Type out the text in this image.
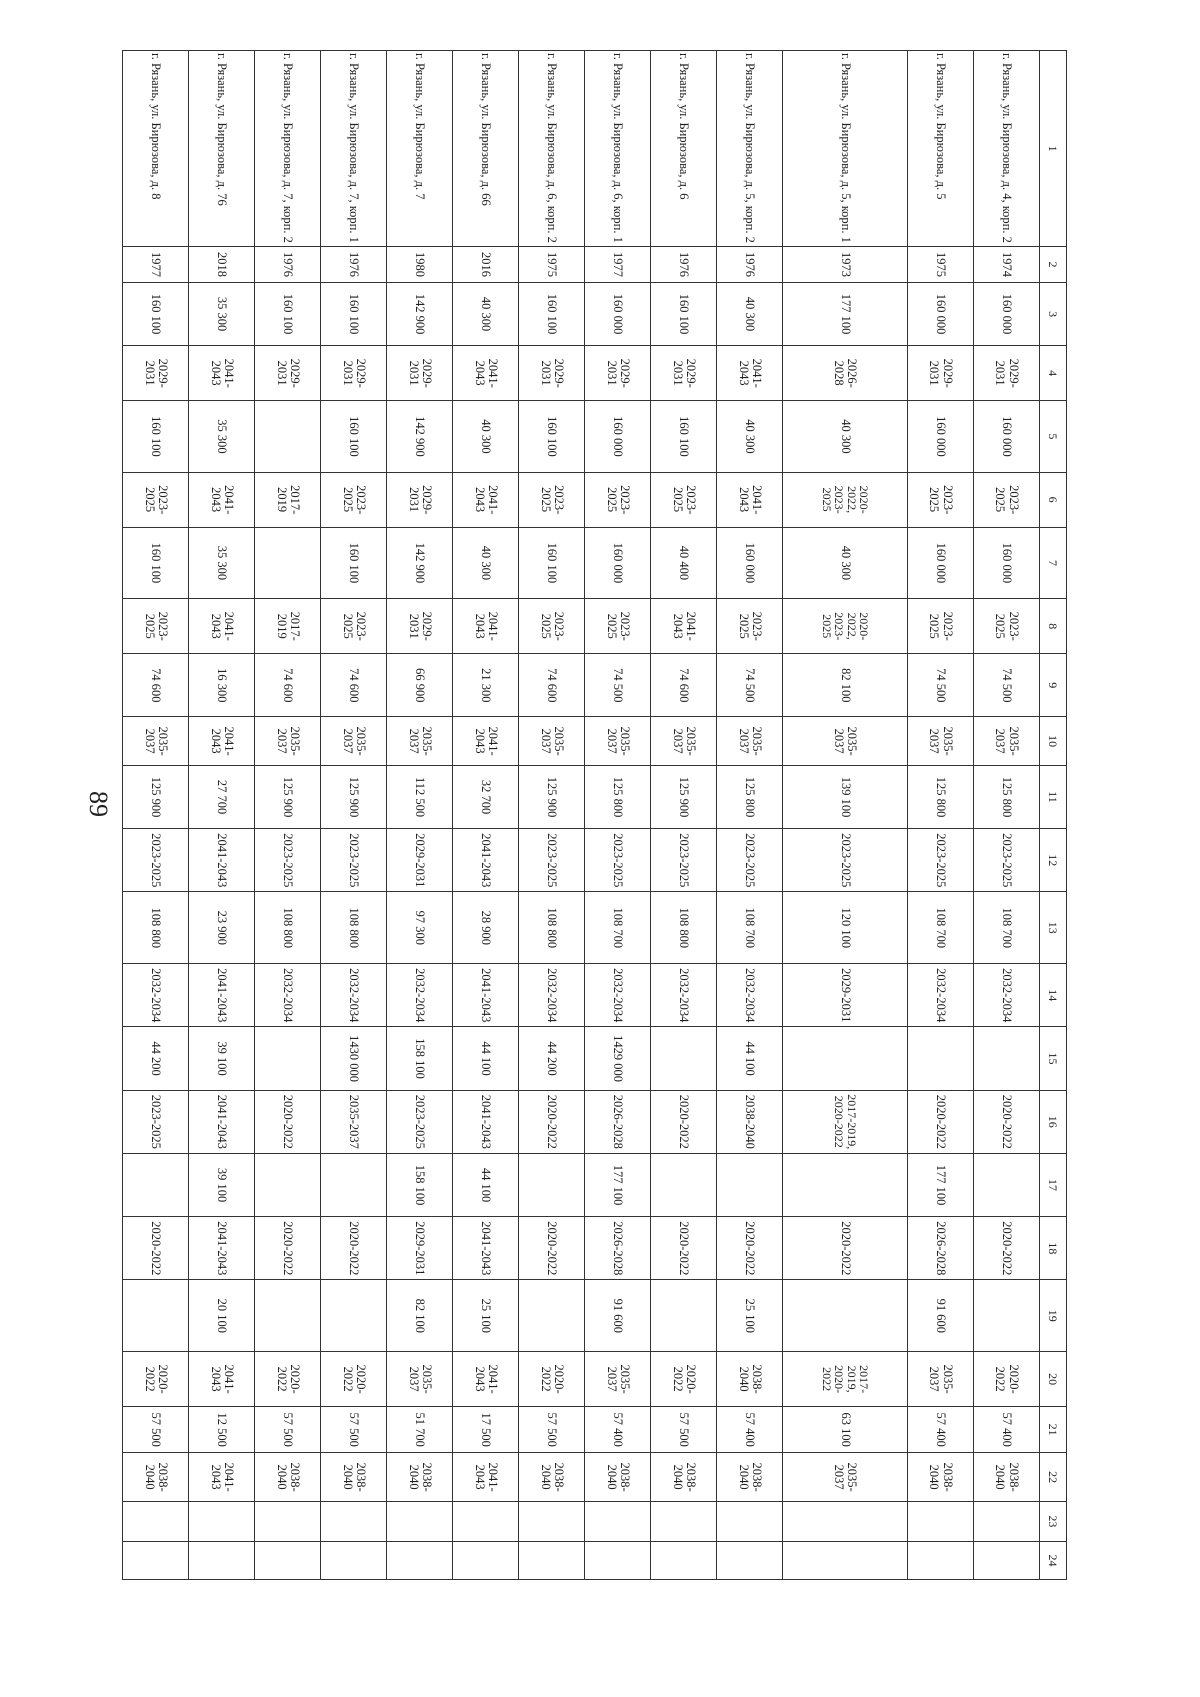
89
1	2	3	4	5	6	7	8	9	10	11	12	13	14	15	16	17	18	19	20	21	22	23	24
г. Рязань, ул. Бирюзова, д. 4, корп. 2	1974	160 000	2029-2031	160 000	2023-2025	160 000	2023-2025	74 500	2035-2037	125 800	2023-2025	108 700	2032-2034		2020-2022		2020-2022		2020-2022	57 400	2038-2040		
г. Рязань, ул. Бирюзова, д. 5	1975	160 000	2029-2031	160 000	2023-2025	160 000	2023-2025	74 500	2035-2037	125 800	2023-2025	108 700	2032-2034		2020-2022	177 100	2026-2028	91 600	2035-2037	57 400	2038-2040		
г. Рязань, ул. Бирюзова, д. 5, корп. 1	1973	177 100	2026-2028	40 300	2020-2022, 2023-2025	40 300	2020-2022, 2023-2025	82 100	2035-2037	139 100	2023-2025	120 100	2029-2031		2017-2019, 2020-2022		2020-2022		2017-2019, 2020-2022	63 100	2035-2037		
г. Рязань, ул. Бирюзова, д. 5, корп. 2	1976	40 300	2041-2043	40 300	2041-2043	160 000	2023-2025	74 500	2035-2037	125 800	2023-2025	108 700	2032-2034	44 100	2038-2040		2020-2022	25 100	2038-2040	57 400	2038-2040		
г. Рязань, ул. Бирюзова, д. 6	1976	160 100	2029-2031	160 100	2023-2025	40 400	2041-2043	74 600	2035-2037	125 900	2023-2025	108 800	2032-2034		2020-2022		2020-2022		2020-2022	57 500	2038-2040		
г. Рязань, ул. Бирюзова, д. 6, корп. 1	1977	160 000	2029-2031	160 000	2023-2025	160 000	2023-2025	74 500	2035-2037	125 800	2023-2025	108 700	2032-2034	1429 000	2026-2028	177 100	2026-2028	91 600	2035-2037	57 400	2038-2040		
г. Рязань, ул. Бирюзова, д. 6, корп. 2	1975	160 100	2029-2031	160 100	2023-2025	160 100	2023-2025	74 600	2035-2037	125 900	2023-2025	108 800	2032-2034	44 200	2020-2022		2020-2022		2020-2022	57 500	2038-2040		
г. Рязань, ул. Бирюзова, д. 66	2016	40 300	2041-2043	40 300	2041-2043	40 300	2041-2043	21 300	2041-2043	32 700	2041-2043	28 900	2041-2043	44 100	2041-2043	44 100	2041-2043	25 100	2041-2043	17 500	2041-2043		
г. Рязань, ул. Бирюзова, д. 7	1980	142 900	2029-2031	142 900	2029-2031	142 900	2029-2031	66 900	2035-2037	112 500	2029-2031	97 300	2032-2034	158 100	2023-2025	158 100	2029-2031	82 100	2035-2037	51 700	2038-2040		
г. Рязань, ул. Бирюзова, д. 7, корп. 1	1976	160 100	2029-2031	160 100	2023-2025	160 100	2023-2025	74 600	2035-2037	125 900	2023-2025	108 800	2032-2034	1430 000	2035-2037		2020-2022		2020-2022	57 500	2038-2040		
г. Рязань, ул. Бирюзова, д. 7, корп. 2	1976	160 100	2029-2031		2017-2019		2017-2019	74 600	2035-2037	125 900	2023-2025	108 800	2032-2034		2020-2022		2020-2022		2020-2022	57 500	2038-2040		
г. Рязань, ул. Бирюзова, д. 76	2018	35 300	2041-2043	35 300	2041-2043	35 300	2041-2043	16 300	2041-2043	27 700	2041-2043	23 900	2041-2043	39 100	2041-2043	39 100	2041-2043	20 100	2041-2043	12 500	2041-2043		
г. Рязань, ул. Бирюзова, д. 8	1977	160 100	2029-2031	160 100	2023-2025	160 100	2023-2025	74 600	2035-2037	125 900	2023-2025	108 800	2032-2034	44 200	2023-2025		2020-2022		2020-2022	57 500	2038-2040		
